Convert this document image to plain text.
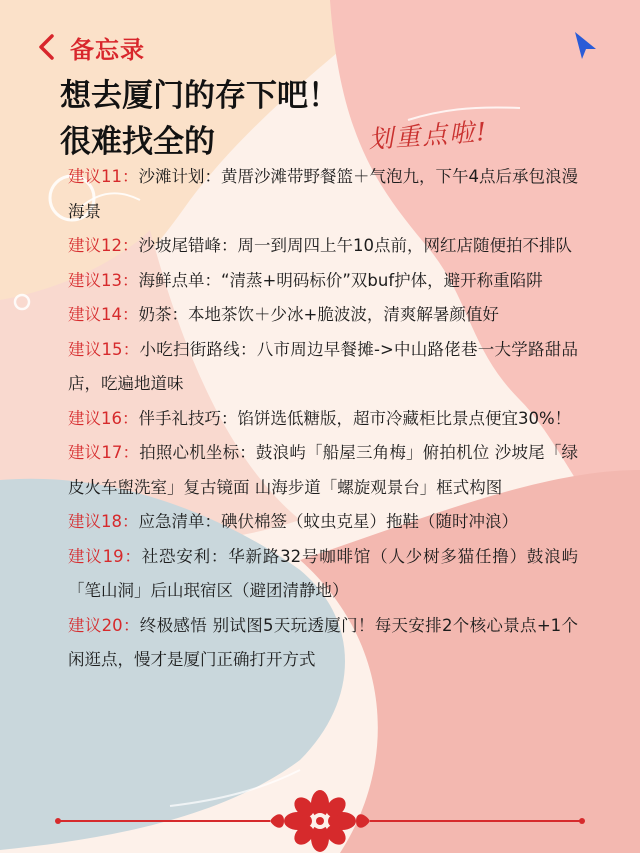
备忘录
想去厦门的存下吧！
很难找全的	划重点啦!

建议11：沙滩计划：黄厝沙滩带野餐篮＋气泡九，下午4点后承包浪漫海景

建议12：沙坡尾错峰：周一到周四上午10点前，网红店随便拍不排队

建议13：海鲜点单：“清蒸+明码标价”双buf护体，避开称重陷阱

建议14：奶茶：本地茶饮＋少冰+脆波波，清爽解暑颜值好

建议15：小吃扫街路线：八市周边早餐摊->中山路佬巷一大学路甜品店，吃遍地道味

建议16：伴手礼技巧：馅饼选低糖版，超市冷藏柜比景点便宜30%！

建议17：拍照心机坐标：鼓浪屿「船屋三角梅」俯拍机位 沙坡尾「绿皮火车盥洗室」复古镜面 山海步道「螺旋观景台」框式构图

建议18：应急清单：碘伏棉签（蚊虫克星）拖鞋（随时冲浪）

建议19：社恐安利：华新路32号咖啡馆（人少树多猫任撸）鼓浪屿「笔山洞」后山珉宿区（避团清静地）

建议20：终极感悟 别试图5天玩透厦门！每天安排2个核心景点+1个闲逛点，慢才是厦门正确打开方式
